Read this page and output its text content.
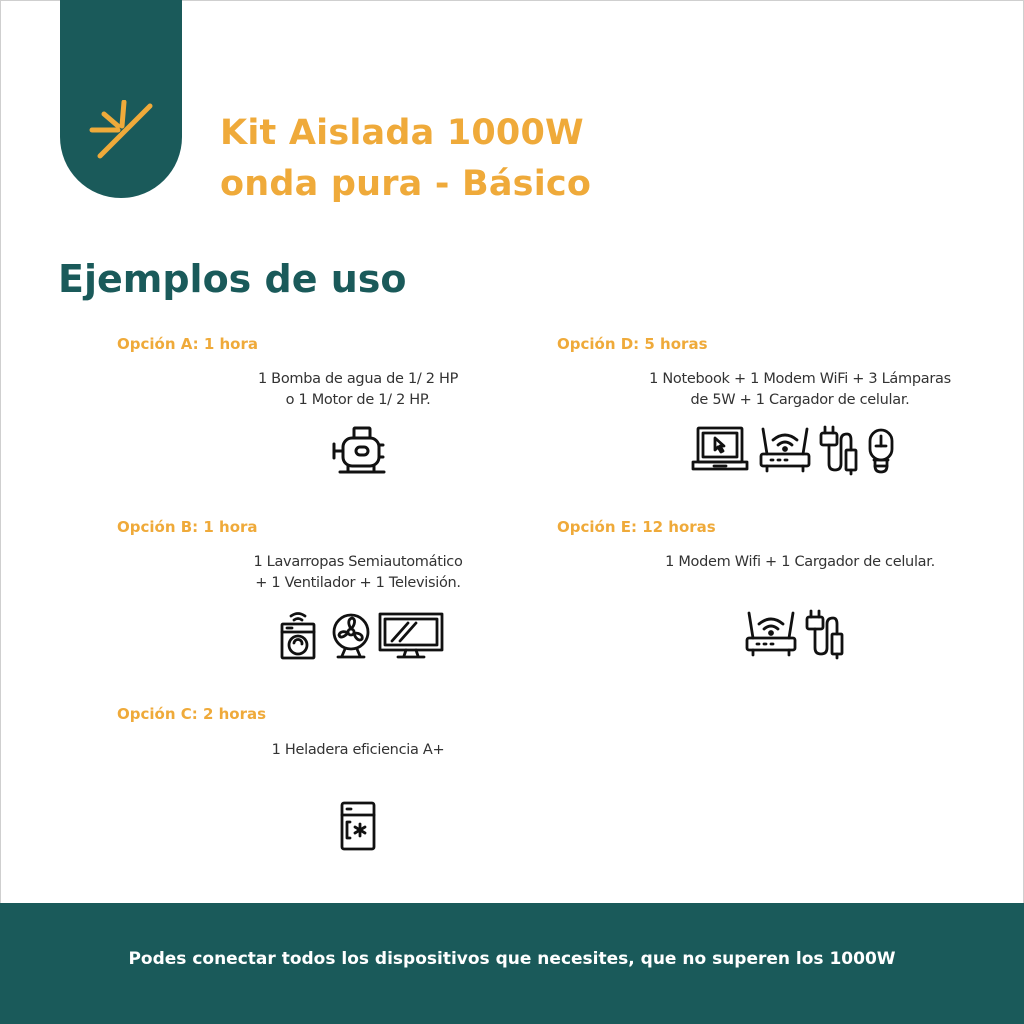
Kit Aislada 1000W
onda pura - Básico
Ejemplos de uso
Opción A: 1 hora
1 Bomba de agua de 1/ 2 HP
o 1 Motor de 1/ 2 HP.
Opción B: 1 hora
1 Lavarropas Semiautomático
+ 1 Ventilador + 1 Televisión.
Opción C: 2 horas
1 Heladera eficiencia A+
Opción D: 5 horas
1 Notebook + 1 Modem WiFi + 3 Lámparas
de 5W + 1 Cargador de celular.
Opción E: 12 horas
1 Modem Wifi + 1 Cargador de celular.
Podes conectar todos los dispositivos que necesites, que no superen los 1000W
